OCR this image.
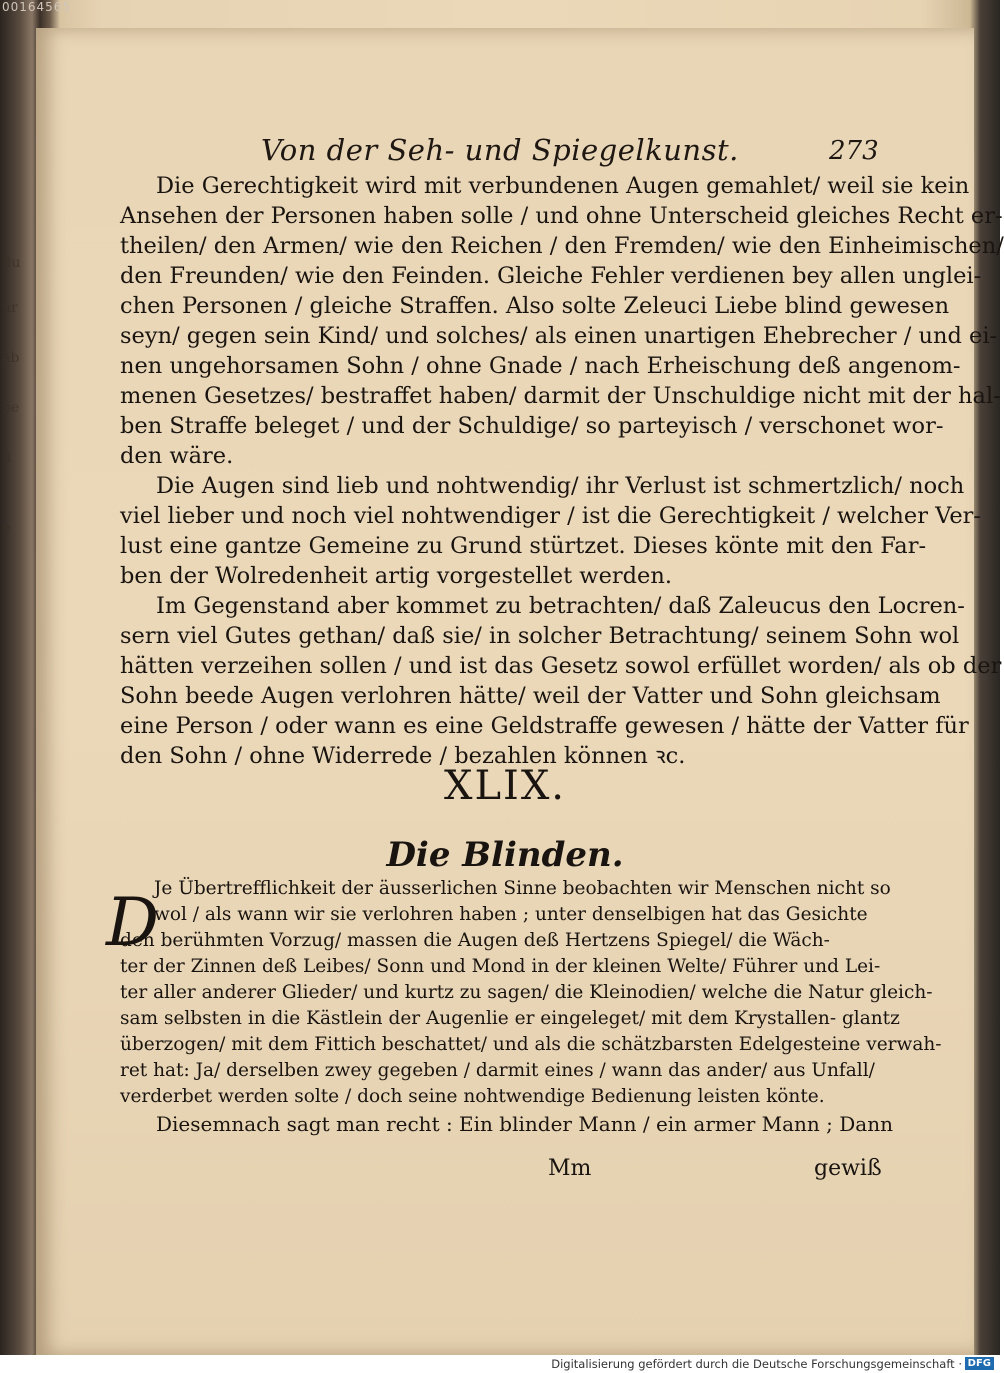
00164565
fiu
ur
ab
be
li
e
Von der Seh- und Spiegelkunst.	273
Die Gerechtigkeit wird mit verbundenen Augen gemahlet/ weil sie kein
Ansehen der Personen haben solle / und ohne Unterscheid gleiches Recht er-
theilen/ den Armen/ wie den Reichen / den Fremden/ wie den Einheimischen/
den Freunden/ wie den Feinden. Gleiche Fehler verdienen bey allen unglei-
chen Personen / gleiche Straffen. Also solte Zeleuci Liebe blind gewesen
seyn/ gegen sein Kind/ und solches/ als einen unartigen Ehebrecher / und ei-
nen ungehorsamen Sohn / ohne Gnade / nach Erheischung deß angenom-
menen Gesetzes/ bestraffet haben/ darmit der Unschuldige nicht mit der hal-
ben Straffe beleget / und der Schuldige/ so parteyisch / verschonet wor-
den wäre.
Die Augen sind lieb und nohtwendig/ ihr Verlust ist schmertzlich/ noch
viel lieber und noch viel nohtwendiger / ist die Gerechtigkeit / welcher Ver-
lust eine gantze Gemeine zu Grund stürtzet. Dieses könte mit den Far-
ben der Wolredenheit artig vorgestellet werden.
Im Gegenstand aber kommet zu betrachten/ daß Zaleucus den Locren-
sern viel Gutes gethan/ daß sie/ in solcher Betrachtung/ seinem Sohn wol
hätten verzeihen sollen / und ist das Gesetz sowol erfüllet worden/ als ob der
Sohn beede Augen verlohren hätte/ weil der Vatter und Sohn gleichsam
eine Person / oder wann es eine Geldstraffe gewesen / hätte der Vatter für
den Sohn / ohne Widerrede / bezahlen können ꝛc.
XLIX.
Die Blinden.
D
Je Übertrefflichkeit der äusserlichen Sinne beobachten wir Menschen nicht so
wol / als wann wir sie verlohren haben ; unter denselbigen hat das Gesichte
den berühmten Vorzug/ massen die Augen deß Hertzens Spiegel/ die Wäch-
ter der Zinnen deß Leibes/ Sonn und Mond in der kleinen Welte/ Führer und Lei-
ter aller anderer Glieder/ und kurtz zu sagen/ die Kleinodien/ welche die Natur gleich-
sam selbsten in die Kästlein der Augenlie er eingeleget/ mit dem Krystallen- glantz
überzogen/ mit dem Fittich beschattet/ und als die schätzbarsten Edelgesteine verwah-
ret hat: Ja/ derselben zwey gegeben / darmit eines / wann das ander/ aus Unfall/
verderbet werden solte / doch seine nohtwendige Bedienung leisten könte.
Diesemnach sagt man recht : Ein blinder Mann / ein armer Mann ; Dann
Mm	gewiß
Digitalisierung gefördert durch die Deutsche Forschungsgemeinschaft · DFG
